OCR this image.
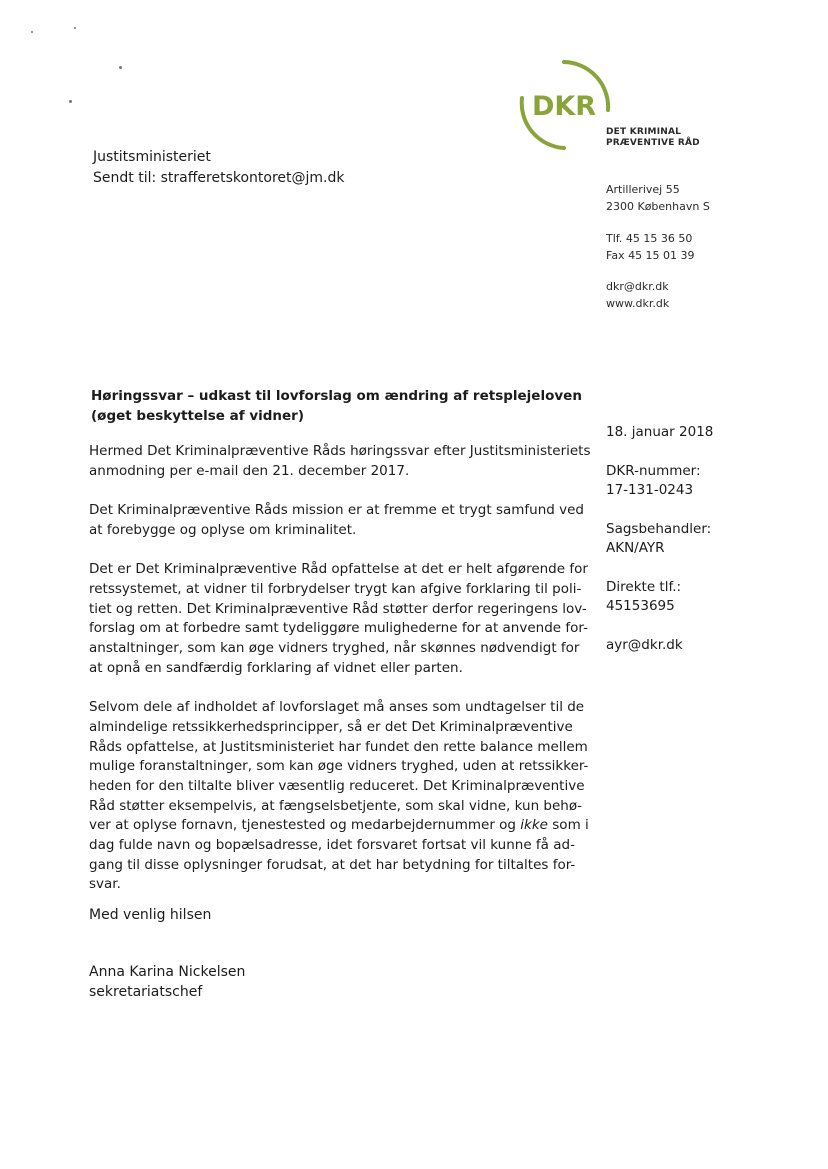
DKR
DET KRIMINAL
PRÆVENTIVE RÅD
Justitsministeriet
Sendt til: strafferetskontoret@jm.dk
Artillerivej 55
2300 København S
Tlf. 45 15 36 50
Fax 45 15 01 39
dkr@dkr.dk
www.dkr.dk
Høringssvar – udkast til lovforslag om ændring af retsplejeloven
(øget beskyttelse af vidner)
18. januar 2018
DKR-nummer:
17-131-0243
Sagsbehandler:
AKN/AYR
Direkte tlf.:
45153695
ayr@dkr.dk
Hermed Det Kriminalpræventive Råds høringssvar efter Justitsministeriets
anmodning per e-mail den 21. december 2017.
Det Kriminalpræventive Råds mission er at fremme et trygt samfund ved
at forebygge og oplyse om kriminalitet.
Det er Det Kriminalpræventive Råd opfattelse at det er helt afgørende for
retssystemet, at vidner til forbrydelser trygt kan afgive forklaring til poli-
tiet og retten. Det Kriminalpræventive Råd støtter derfor regeringens lov-
forslag om at forbedre samt tydeliggøre mulighederne for at anvende for-
anstaltninger, som kan øge vidners tryghed, når skønnes nødvendigt for
at opnå en sandfærdig forklaring af vidnet eller parten.
Selvom dele af indholdet af lovforslaget må anses som undtagelser til de
almindelige retssikkerhedsprincipper, så er det Det Kriminalpræventive
Råds opfattelse, at Justitsministeriet har fundet den rette balance mellem
mulige foranstaltninger, som kan øge vidners tryghed, uden at retssikker-
heden for den tiltalte bliver væsentlig reduceret. Det Kriminalpræventive
Råd støtter eksempelvis, at fængselsbetjente, som skal vidne, kun behø-
ver at oplyse fornavn, tjenestested og medarbejdernummer og ikke som i
dag fulde navn og bopælsadresse, idet forsvaret fortsat vil kunne få ad-
gang til disse oplysninger forudsat, at det har betydning for tiltaltes for-
svar.
Med venlig hilsen
Anna Karina Nickelsen
sekretariatschef
